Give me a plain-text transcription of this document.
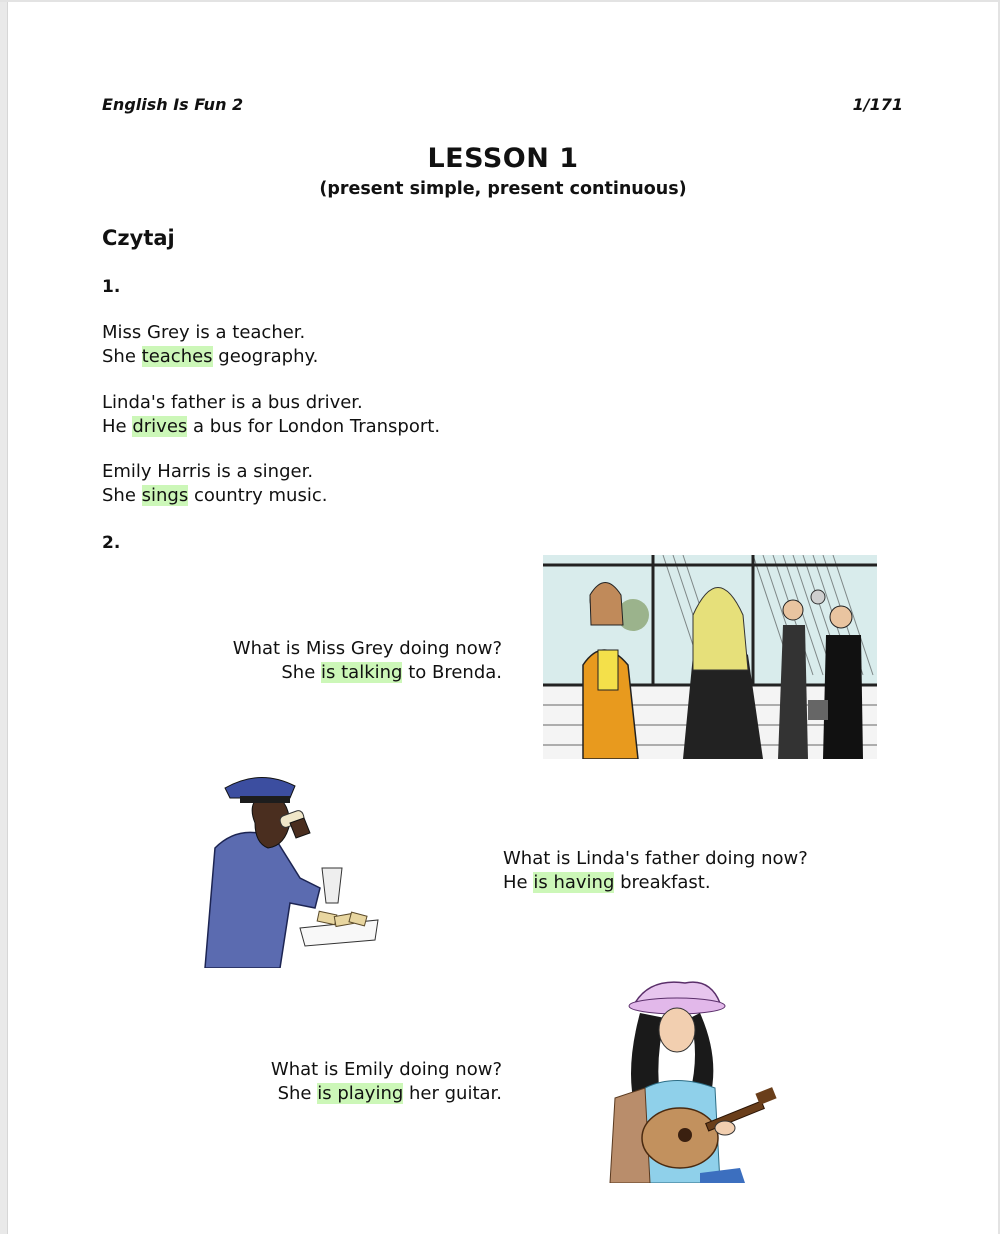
English Is Fun 2	1/171
LESSON 1
(present simple, present continuous)
Czytaj
1.
Miss Grey is a teacher.
She teaches geography.
Linda's father is a bus driver.
He drives a bus for London Transport.
Emily Harris is a singer.
She sings country music.
2.
What is Miss Grey doing now?
She is talking to Brenda.
What is Linda's father doing now?
He is having breakfast.
What is Emily doing now?
She is playing her guitar.
